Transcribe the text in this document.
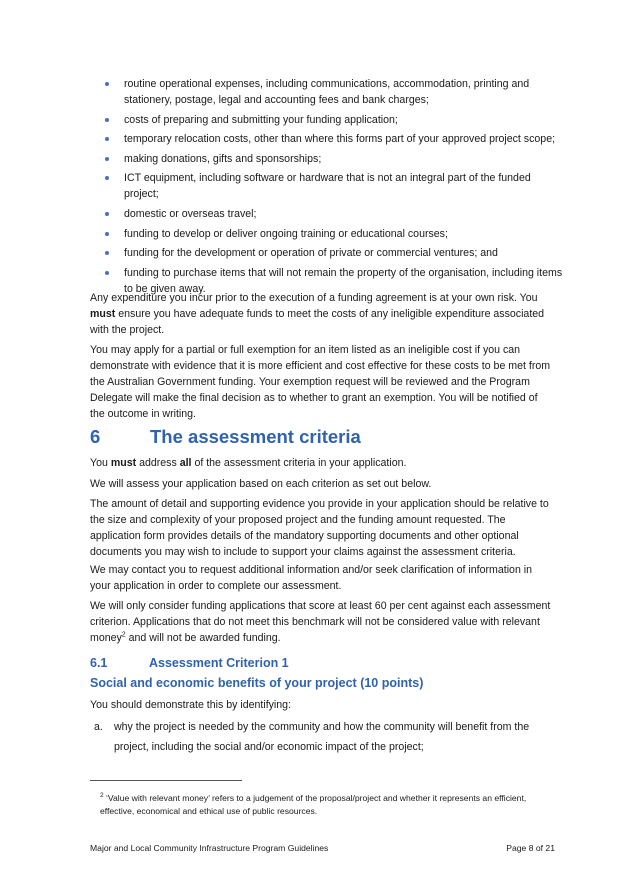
routine operational expenses, including communications, accommodation, printing and stationery, postage, legal and accounting fees and bank charges;
costs of preparing and submitting your funding application;
temporary relocation costs, other than where this forms part of your approved project scope;
making donations, gifts and sponsorships;
ICT equipment, including software or hardware that is not an integral part of the funded project;
domestic or overseas travel;
funding to develop or deliver ongoing training or educational courses;
funding for the development or operation of private or commercial ventures; and
funding to purchase items that will not remain the property of the organisation, including items to be given away.

Any expenditure you incur prior to the execution of a funding agreement is at your own risk. You must ensure you have adequate funds to meet the costs of any ineligible expenditure associated with the project.

You may apply for a partial or full exemption for an item listed as an ineligible cost if you can demonstrate with evidence that it is more efficient and cost effective for these costs to be met from the Australian Government funding. Your exemption request will be reviewed and the Program Delegate will make the final decision as to whether to grant an exemption. You will be notified of the outcome in writing.

6	The assessment criteria

You must address all of the assessment criteria in your application.

We will assess your application based on each criterion as set out below.

The amount of detail and supporting evidence you provide in your application should be relative to the size and complexity of your proposed project and the funding amount requested. The application form provides details of the mandatory supporting documents and other optional documents you may wish to include to support your claims against the assessment criteria.

We may contact you to request additional information and/or seek clarification of information in your application in order to complete our assessment.

We will only consider funding applications that score at least 60 per cent against each assessment criterion. Applications that do not meet this benchmark will not be considered value with relevant money$^2$ and will not be awarded funding.

6.1	Assessment Criterion 1
Social and economic benefits of your project (10 points)

You should demonstrate this by identifying:

a.	why the project is needed by the community and how the community will benefit from the project, including the social and/or economic impact of the project;

$^2$ ‘Value with relevant money’ refers to a judgement of the proposal/project and whether it represents an efficient, effective, economical and ethical use of public resources.

Major and Local Community Infrastructure Program Guidelines	Page 8 of 21
